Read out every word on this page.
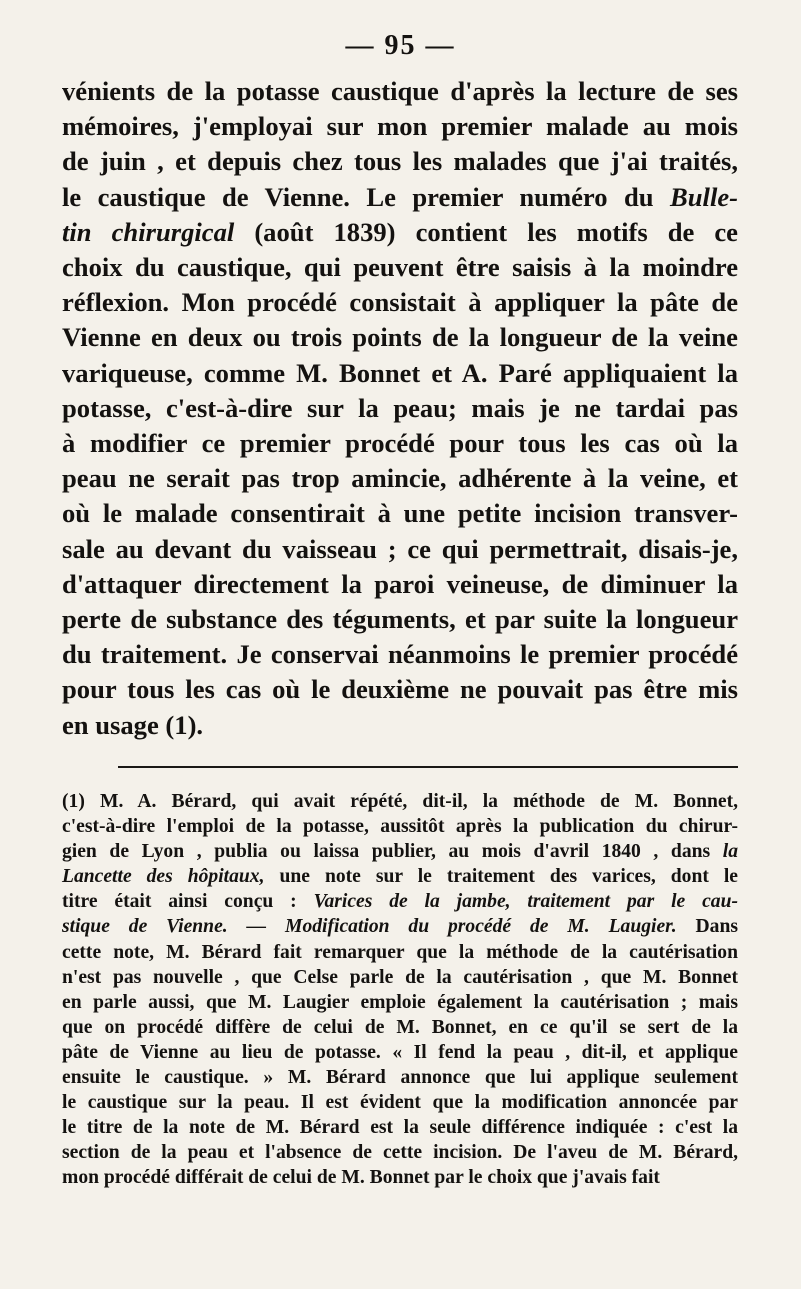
— 95 —
vénients de la potasse caustique d'après la lecture de ses
mémoires, j'employai sur mon premier malade au mois
de juin , et depuis chez tous les malades que j'ai traités,
le caustique de Vienne. Le premier numéro du Bulle-
tin chirurgical (août 1839) contient les motifs de ce
choix du caustique, qui peuvent être saisis à la moindre
réflexion. Mon procédé consistait à appliquer la pâte de
Vienne en deux ou trois points de la longueur de la veine
variqueuse, comme M. Bonnet et A. Paré appliquaient la
potasse, c'est-à-dire sur la peau; mais je ne tardai pas
à modifier ce premier procédé pour tous les cas où la
peau ne serait pas trop amincie, adhérente à la veine, et
où le malade consentirait à une petite incision transver-
sale au devant du vaisseau ; ce qui permettrait, disais-je,
d'attaquer directement la paroi veineuse, de diminuer la
perte de substance des téguments, et par suite la longueur
du traitement. Je conservai néanmoins le premier procédé
pour tous les cas où le deuxième ne pouvait pas être mis
en usage (1).
(1) M. A. Bérard, qui avait répété, dit-il, la méthode de M. Bonnet,
c'est-à-dire l'emploi de la potasse, aussitôt après la publication du chirur-
gien de Lyon , publia ou laissa publier, au mois d'avril 1840 , dans la
Lancette des hôpitaux, une note sur le traitement des varices, dont le
titre était ainsi conçu : Varices de la jambe, traitement par le cau-
stique de Vienne. — Modification du procédé de M. Laugier. Dans
cette note, M. Bérard fait remarquer que la méthode de la cautérisation
n'est pas nouvelle , que Celse parle de la cautérisation , que M. Bonnet
en parle aussi, que M. Laugier emploie également la cautérisation ; mais
que on procédé diffère de celui de M. Bonnet, en ce qu'il se sert de la
pâte de Vienne au lieu de potasse. « Il fend la peau , dit-il, et applique
ensuite le caustique. » M. Bérard annonce que lui applique seulement
le caustique sur la peau. Il est évident que la modification annoncée par
le titre de la note de M. Bérard est la seule différence indiquée : c'est la
section de la peau et l'absence de cette incision. De l'aveu de M. Bérard,
mon procédé différait de celui de M. Bonnet par le choix que j'avais fait
